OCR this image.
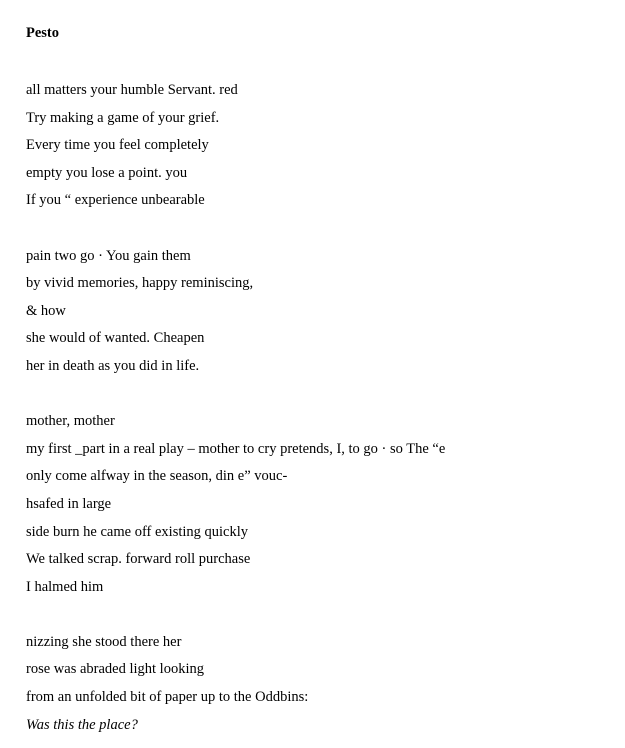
Pesto
all matters your humble Servant. red
Try making a game of your grief.
Every time you feel completely
empty you lose a point. you
If you “ experience unbearable
pain two go · You gain them
by vivid memories, happy reminiscing,
& how
she would of wanted. Cheapen
her in death as you did in life.
mother, mother
my first _part in a real play – mother to cry pretends, I, to go · so The “e
only come alfway in the season, din e” vouc-
hsafed in large
side burn he came off existing quickly
We talked scrap. forward roll purchase
I halmed him
nizzing she stood there her
rose was abraded light looking
from an unfolded bit of paper up to the Oddbins:
Was this the place?
